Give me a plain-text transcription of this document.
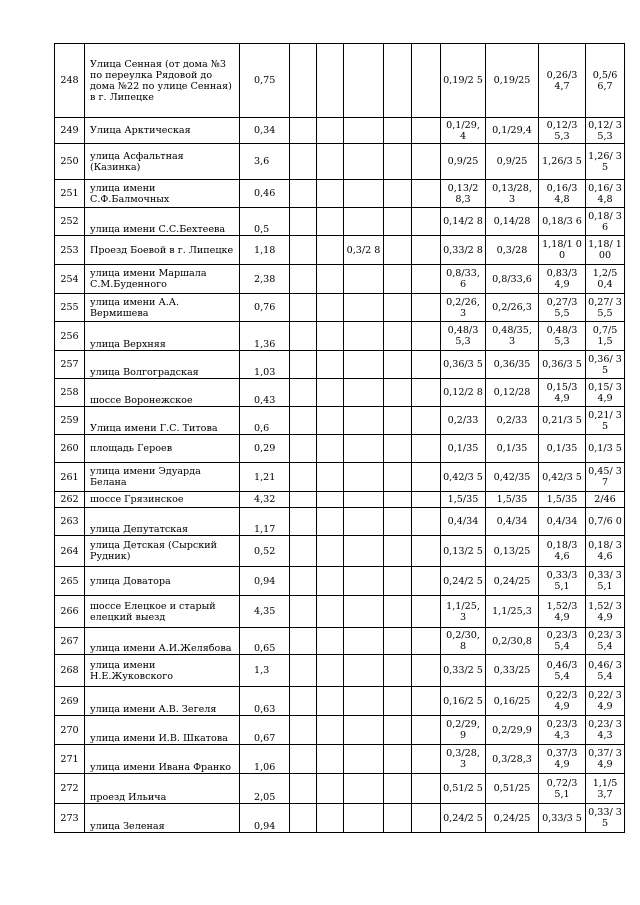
248	Улица Сенная (от дома №3 по переулка Рядовой до дома №22 по улице Сенная) в г. Липецке	0,75						0,19/2 5	0,19/25	0,26/3 4,7	0,5/6 6,7
249	Улица Арктическая	0,34						0,1/29, 4	0,1/29,4	0,12/3 5,3	0,12/ 35,3
250	улица Асфальтная (Казинка)	3,6						0,9/25	0,9/25	1,26/3 5	1,26/ 35
251	улица имени С.Ф.Балмочных	0,46						0,13/2 8,3	0,13/28, 3	0,16/3 4,8	0,16/ 34,8
252	улица имени С.С.Бехтеева	0,5						0,14/2 8	0,14/28	0,18/3 6	0,18/ 36
253	Проезд Боевой в г. Липецке	1,18			0,3/2 8			0,33/2 8	0,3/28	1,18/1 00	1,18/ 100
254	улица имени Маршала С.М.Буденного	2,38						0,8/33, 6	0,8/33,6	0,83/3 4,9	1,2/5 0,4
255	улица имени А.А. Вермишева	0,76						0,2/26, 3	0,2/26,3	0,27/3 5,5	0,27/ 35,5
256	улица Верхняя	1,36						0,48/3 5,3	0,48/35, 3	0,48/3 5,3	0,7/5 1,5
257	улица Волгоградская	1,03						0,36/3 5	0,36/35	0,36/3 5	0,36/ 35
258	шоссе Воронежское	0,43						0,12/2 8	0,12/28	0,15/3 4,9	0,15/ 34,9
259	Улица имени Г.С. Титова	0,6						0,2/33	0,2/33	0,21/3 5	0,21/ 35
260	площадь Героев	0,29						0,1/35	0,1/35	0,1/35	0,1/3 5
261	улица имени Эдуарда Белана	1,21						0,42/3 5	0,42/35	0,42/3 5	0,45/ 37
262	шоссе Грязинское	4,32						1,5/35	1,5/35	1,5/35	2/46
263	улица Депутатская	1,17						0,4/34	0,4/34	0,4/34	0,7/6 0
264	улица Детская (Сырский Рудник)	0,52						0,13/2 5	0,13/25	0,18/3 4,6	0,18/ 34,6
265	улица Доватора	0,94						0,24/2 5	0,24/25	0,33/3 5,1	0,33/ 35,1
266	шоссе Елецкое и старый елецкий выезд	4,35						1,1/25, 3	1,1/25,3	1,52/3 4,9	1,52/ 34,9
267	улица имени А.И.Желябова	0,65						0,2/30, 8	0,2/30,8	0,23/3 5,4	0,23/ 35,4
268	улица имени Н.Е.Жуковского	1,3						0,33/2 5	0,33/25	0,46/3 5,4	0,46/ 35,4
269	улица имени А.В. Зегеля	0,63						0,16/2 5	0,16/25	0,22/3 4,9	0,22/ 34,9
270	улица имени И.В. Шкатова	0,67						0,2/29, 9	0,2/29,9	0,23/3 4,3	0,23/ 34,3
271	улица имени Ивана Франко	1,06						0,3/28, 3	0,3/28,3	0,37/3 4,9	0,37/ 34,9
272	проезд Ильича	2,05						0,51/2 5	0,51/25	0,72/3 5,1	1,1/5 3,7
273	улица Зеленая	0,94						0,24/2 5	0,24/25	0,33/3 5	0,33/ 35
